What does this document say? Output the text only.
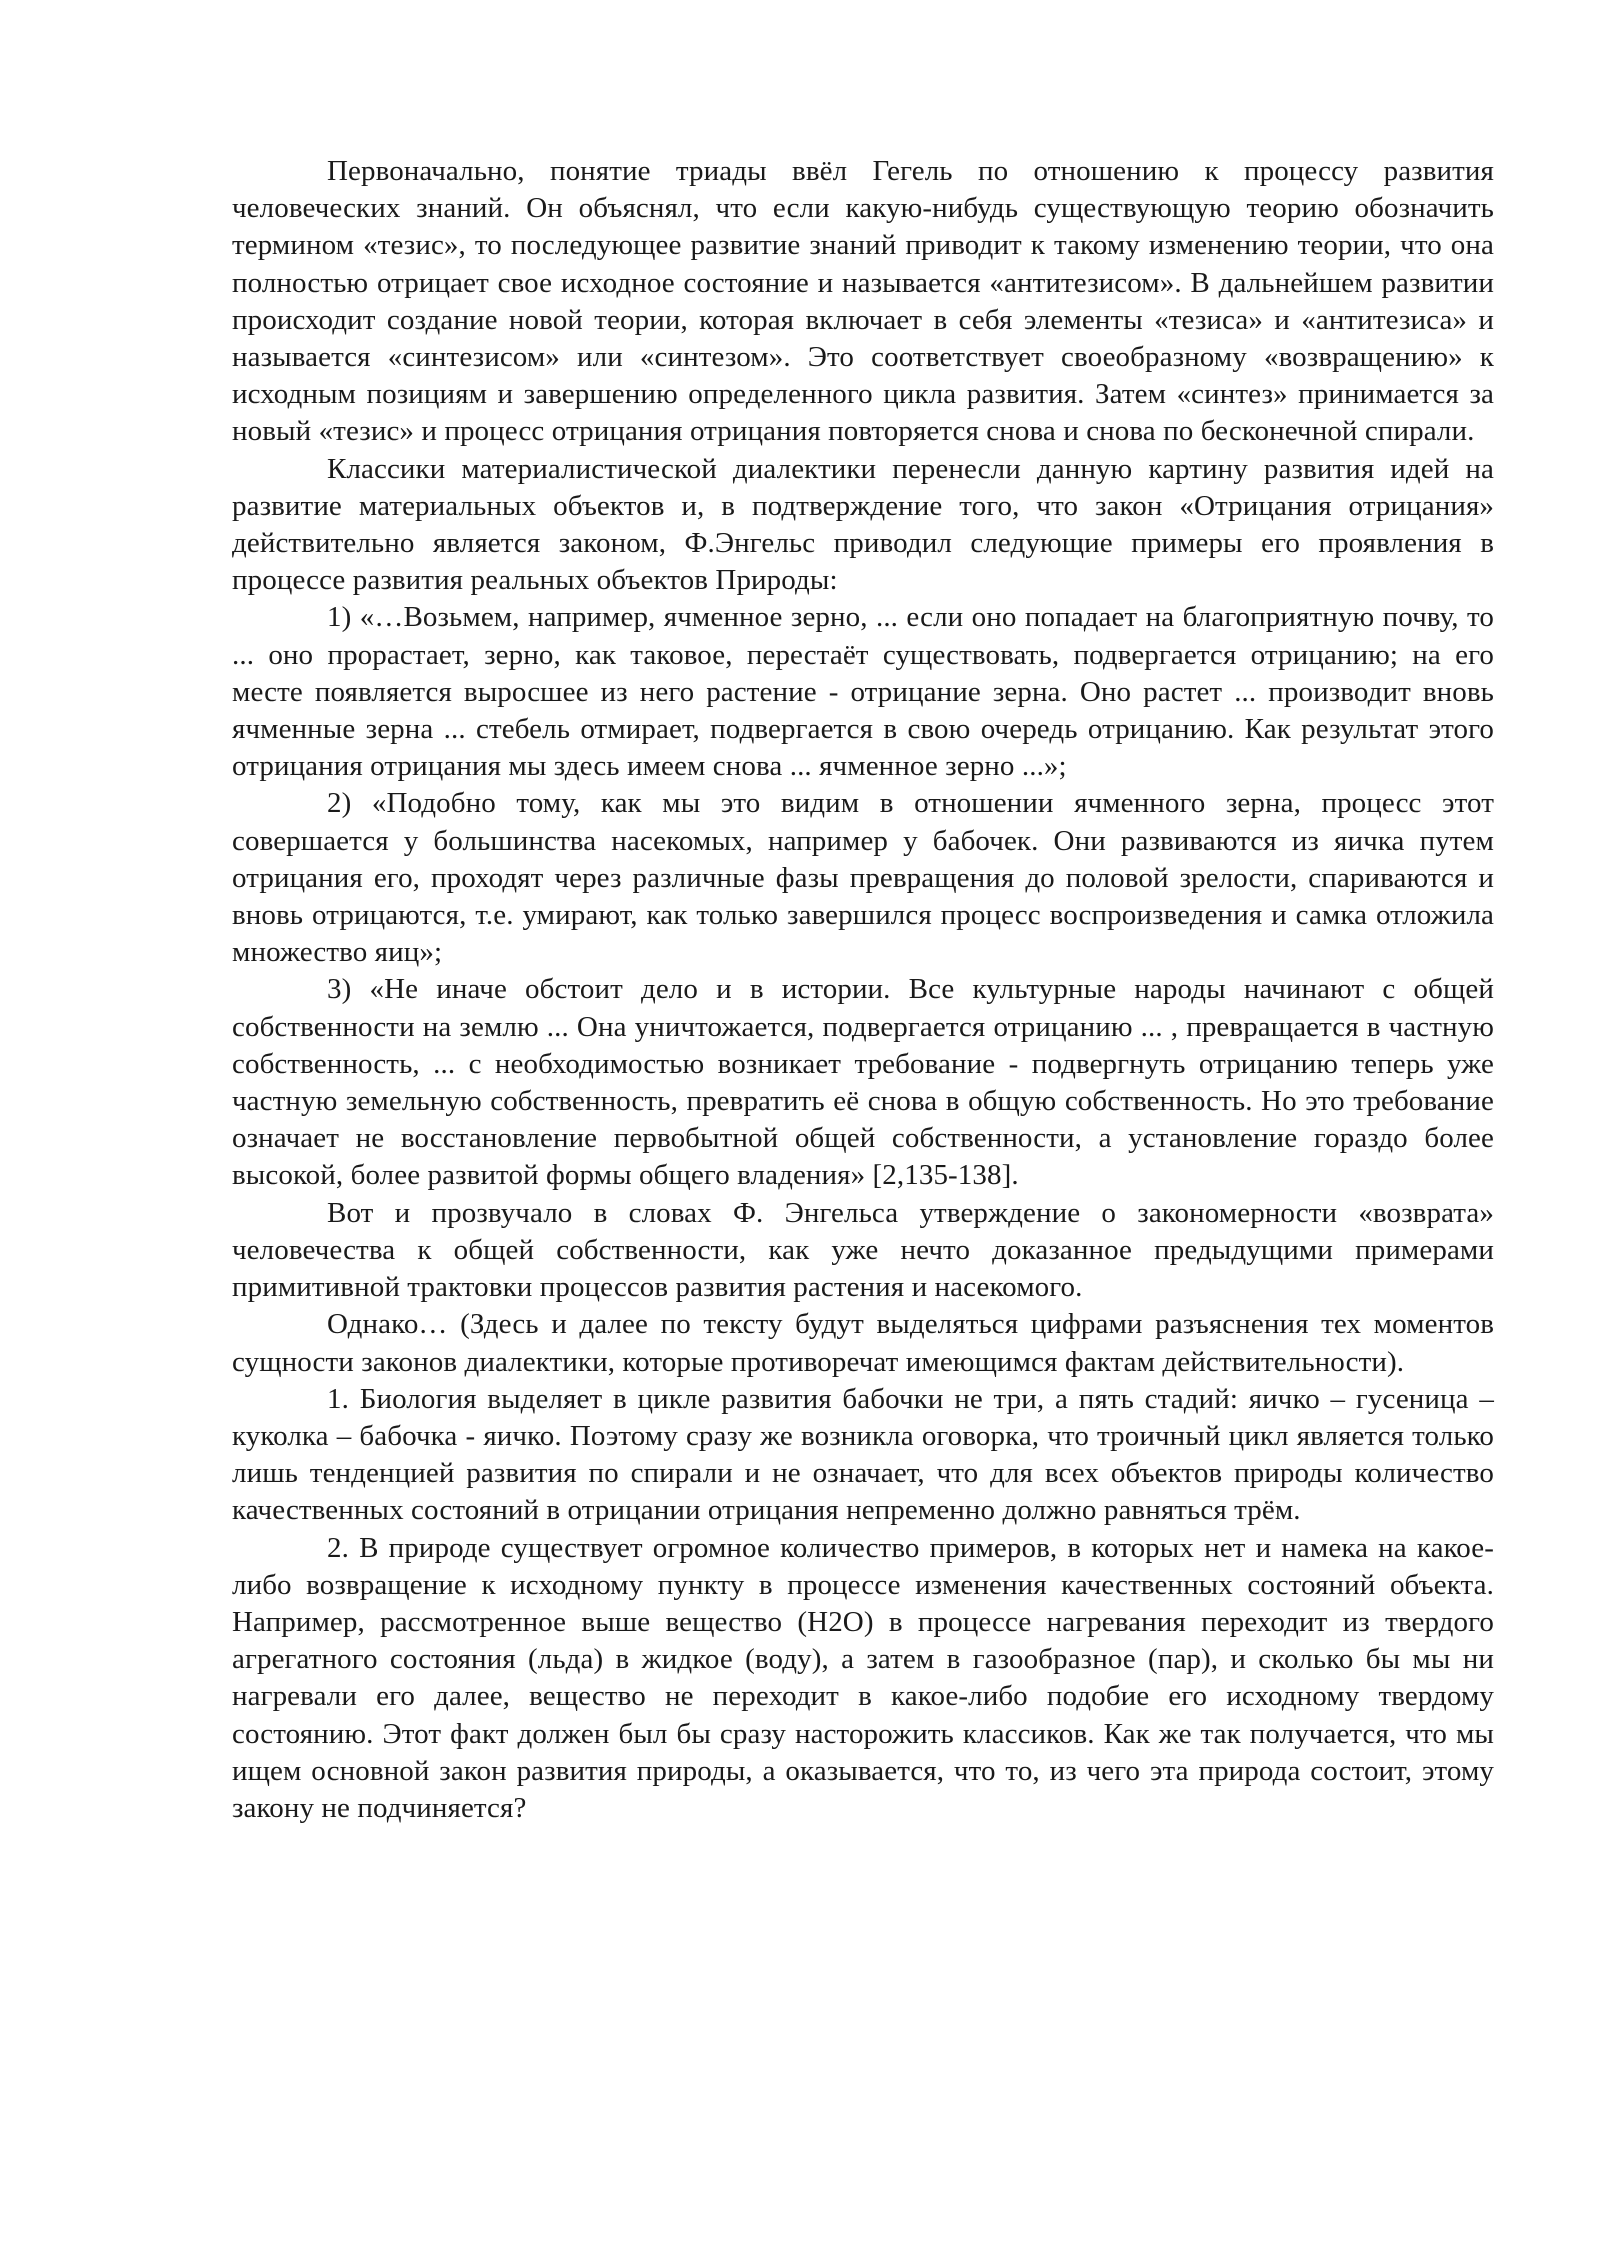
Первоначально, понятие триады ввёл Гегель по отношению к процессу развития человеческих знаний. Он объяснял, что если какую-нибудь существующую теорию обозначить термином «тезис», то последующее развитие знаний приводит к такому изменению теории, что она полностью отрицает свое исходное состояние и называется «антитезисом». В дальнейшем развитии происходит создание новой теории, которая включает в себя элементы «тезиса» и «антитезиса» и называется «синтезисом» или «синтезом». Это соответствует своеобразному «возвращению» к исходным позициям и завершению определенного цикла развития. Затем «синтез» принимается за новый «тезис» и процесс отрицания отрицания повторяется снова и снова по бесконечной спирали.

Классики материалистической диалектики перенесли данную картину развития идей на развитие материальных объектов и, в подтверждение того, что закон «Отрицания отрицания» действительно является законом, Ф.Энгельс приводил следующие примеры его проявления в процессе развития реальных объектов Природы:

1) «…Возьмем, например, ячменное зерно, ... если оно попадает на благоприятную почву, то ... оно прорастает, зерно, как таковое, перестаёт существовать, подвергается отрицанию; на его месте появляется выросшее из него растение - отрицание зерна. Оно растет ... производит вновь ячменные зерна ... стебель отмирает, подвергается в свою очередь отрицанию. Как результат этого отрицания отрицания мы здесь имеем снова ... ячменное зерно ...»;

2) «Подобно тому, как мы это видим в отношении ячменного зерна, процесс этот совершается у большинства насекомых, например у бабочек. Они развиваются из яичка путем отрицания его, проходят через различные фазы превращения до половой зрелости, спариваются и вновь отрицаются, т.е. умирают, как только завершился процесс воспроизведения и самка отложила множество яиц»;

3) «Не иначе обстоит дело и в истории. Все культурные народы начинают с общей собственности на землю ... Она уничтожается, подвергается отрицанию ... , превращается в частную собственность, ... с необходимостью возникает требование - подвергнуть отрицанию теперь уже частную земельную собственность, превратить её снова в общую собственность. Но это требование означает не восстановление первобытной общей собственности, а установление гораздо более высокой, более развитой формы общего владения» [2,135-138].

Вот и прозвучало в словах Ф. Энгельса утверждение о закономерности «возврата» человечества к общей собственности, как уже нечто доказанное предыдущими примерами примитивной трактовки процессов развития растения и насекомого.

Однако… (Здесь и далее по тексту будут выделяться цифрами разъяснения тех моментов сущности законов диалектики, которые противоречат имеющимся фактам действительности).

1. Биология выделяет в цикле развития бабочки не три, а пять стадий: яичко – гусеница – куколка – бабочка - яичко. Поэтому сразу же возникла оговорка, что троичный цикл является только лишь тенденцией развития по спирали и не означает, что для всех объектов природы количество качественных состояний в отрицании отрицания непременно должно равняться трём.

2. В природе существует огромное количество примеров, в которых нет и намека на какое-либо возвращение к исходному пункту в процессе изменения качественных состояний объекта. Например, рассмотренное выше вещество (Н2О) в процессе нагревания переходит из твердого агрегатного состояния (льда) в жидкое (воду), а затем в газообразное (пар), и сколько бы мы ни нагревали его далее, вещество не переходит в какое-либо подобие его исходному твердому состоянию. Этот факт должен был бы сразу насторожить классиков. Как же так получается, что мы ищем основной закон развития природы, а оказывается, что то, из чего эта природа состоит, этому закону не подчиняется?
